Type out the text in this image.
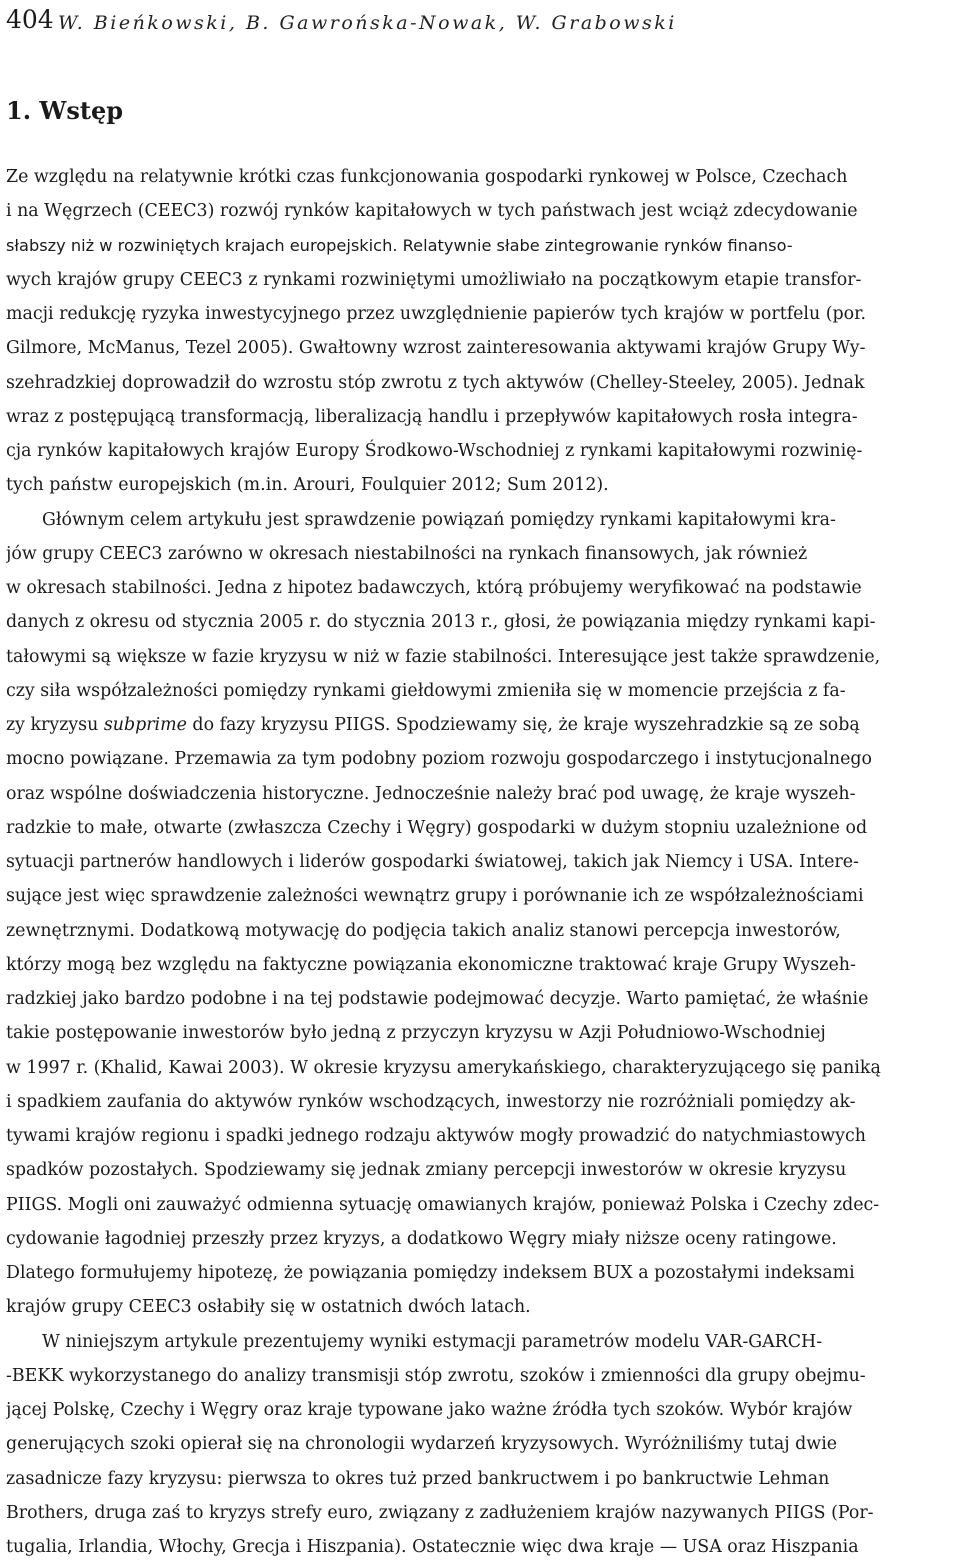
404 W. Bieńkowski, B. Gawrońska-Nowak, W. Grabowski
1. Wstęp
Ze względu na relatywnie krótki czas funkcjonowania gospodarki rynkowej w Polsce, Czechach
i na Węgrzech (CEEC3) rozwój rynków kapitałowych w tych państwach jest wciąż zdecydowanie
słabszy niż w rozwiniętych krajach europejskich. Relatywnie słabe zintegrowanie rynków finanso-
wych krajów grupy CEEC3 z rynkami rozwiniętymi umożliwiało na początkowym etapie transfor-
macji redukcję ryzyka inwestycyjnego przez uwzględnienie papierów tych krajów w portfelu (por.
Gilmore, McManus, Tezel 2005). Gwałtowny wzrost zainteresowania aktywami krajów Grupy Wy-
szehradzkiej doprowadził do wzrostu stóp zwrotu z tych aktywów (Chelley-Steeley, 2005). Jednak
wraz z postępującą transformacją, liberalizacją handlu i przepływów kapitałowych rosła integra-
cja rynków kapitałowych krajów Europy Środkowo-Wschodniej z rynkami kapitałowymi rozwinię-
tych państw europejskich (m.in. Arouri, Foulquier 2012; Sum 2012).
Głównym celem artykułu jest sprawdzenie powiązań pomiędzy rynkami kapitałowymi kra-
jów grupy CEEC3 zarówno w okresach niestabilności na rynkach finansowych, jak również
w okresach stabilności. Jedna z hipotez badawczych, którą próbujemy weryfikować na podstawie
danych z okresu od stycznia 2005 r. do stycznia 2013 r., głosi, że powiązania między rynkami kapi-
tałowymi są większe w fazie kryzysu w niż w fazie stabilności. Interesujące jest także sprawdzenie,
czy siła współzależności pomiędzy rynkami giełdowymi zmieniła się w momencie przejścia z fa-
zy kryzysu subprime do fazy kryzysu PIIGS. Spodziewamy się, że kraje wyszehradzkie są ze sobą
mocno powiązane. Przemawia za tym podobny poziom rozwoju gospodarczego i instytucjonalnego
oraz wspólne doświadczenia historyczne. Jednocześnie należy brać pod uwagę, że kraje wyszeh-
radzkie to małe, otwarte (zwłaszcza Czechy i Węgry) gospodarki w dużym stopniu uzależnione od
sytuacji partnerów handlowych i liderów gospodarki światowej, takich jak Niemcy i USA. Intere-
sujące jest więc sprawdzenie zależności wewnątrz grupy i porównanie ich ze współzależnościami
zewnętrznymi. Dodatkową motywację do podjęcia takich analiz stanowi percepcja inwestorów,
którzy mogą bez względu na faktyczne powiązania ekonomiczne traktować kraje Grupy Wyszeh-
radzkiej jako bardzo podobne i na tej podstawie podejmować decyzje. Warto pamiętać, że właśnie
takie postępowanie inwestorów było jedną z przyczyn kryzysu w Azji Południowo-Wschodniej
w 1997 r. (Khalid, Kawai 2003). W okresie kryzysu amerykańskiego, charakteryzującego się paniką
i spadkiem zaufania do aktywów rynków wschodzących, inwestorzy nie rozróżniali pomiędzy ak-
tywami krajów regionu i spadki jednego rodzaju aktywów mogły prowadzić do natychmiastowych
spadków pozostałych. Spodziewamy się jednak zmiany percepcji inwestorów w okresie kryzysu
PIIGS. Mogli oni zauważyć odmienna sytuację omawianych krajów, ponieważ Polska i Czechy zdec-
cydowanie łagodniej przeszły przez kryzys, a dodatkowo Węgry miały niższe oceny ratingowe.
Dlatego formułujemy hipotezę, że powiązania pomiędzy indeksem BUX a pozostałymi indeksami
krajów grupy CEEC3 osłabiły się w ostatnich dwóch latach.
W niniejszym artykule prezentujemy wyniki estymacji parametrów modelu VAR-GARCH-
-BEKK wykorzystanego do analizy transmisji stóp zwrotu, szoków i zmienności dla grupy obejmu-
jącej Polskę, Czechy i Węgry oraz kraje typowane jako ważne źródła tych szoków. Wybór krajów
generujących szoki opierał się na chronologii wydarzeń kryzysowych. Wyróżniliśmy tutaj dwie
zasadnicze fazy kryzysu: pierwsza to okres tuż przed bankructwem i po bankructwie Lehman
Brothers, druga zaś to kryzys strefy euro, związany z zadłużeniem krajów nazywanych PIIGS (Por-
tugalia, Irlandia, Włochy, Grecja i Hiszpania). Ostatecznie więc dwa kraje — USA oraz Hiszpania
